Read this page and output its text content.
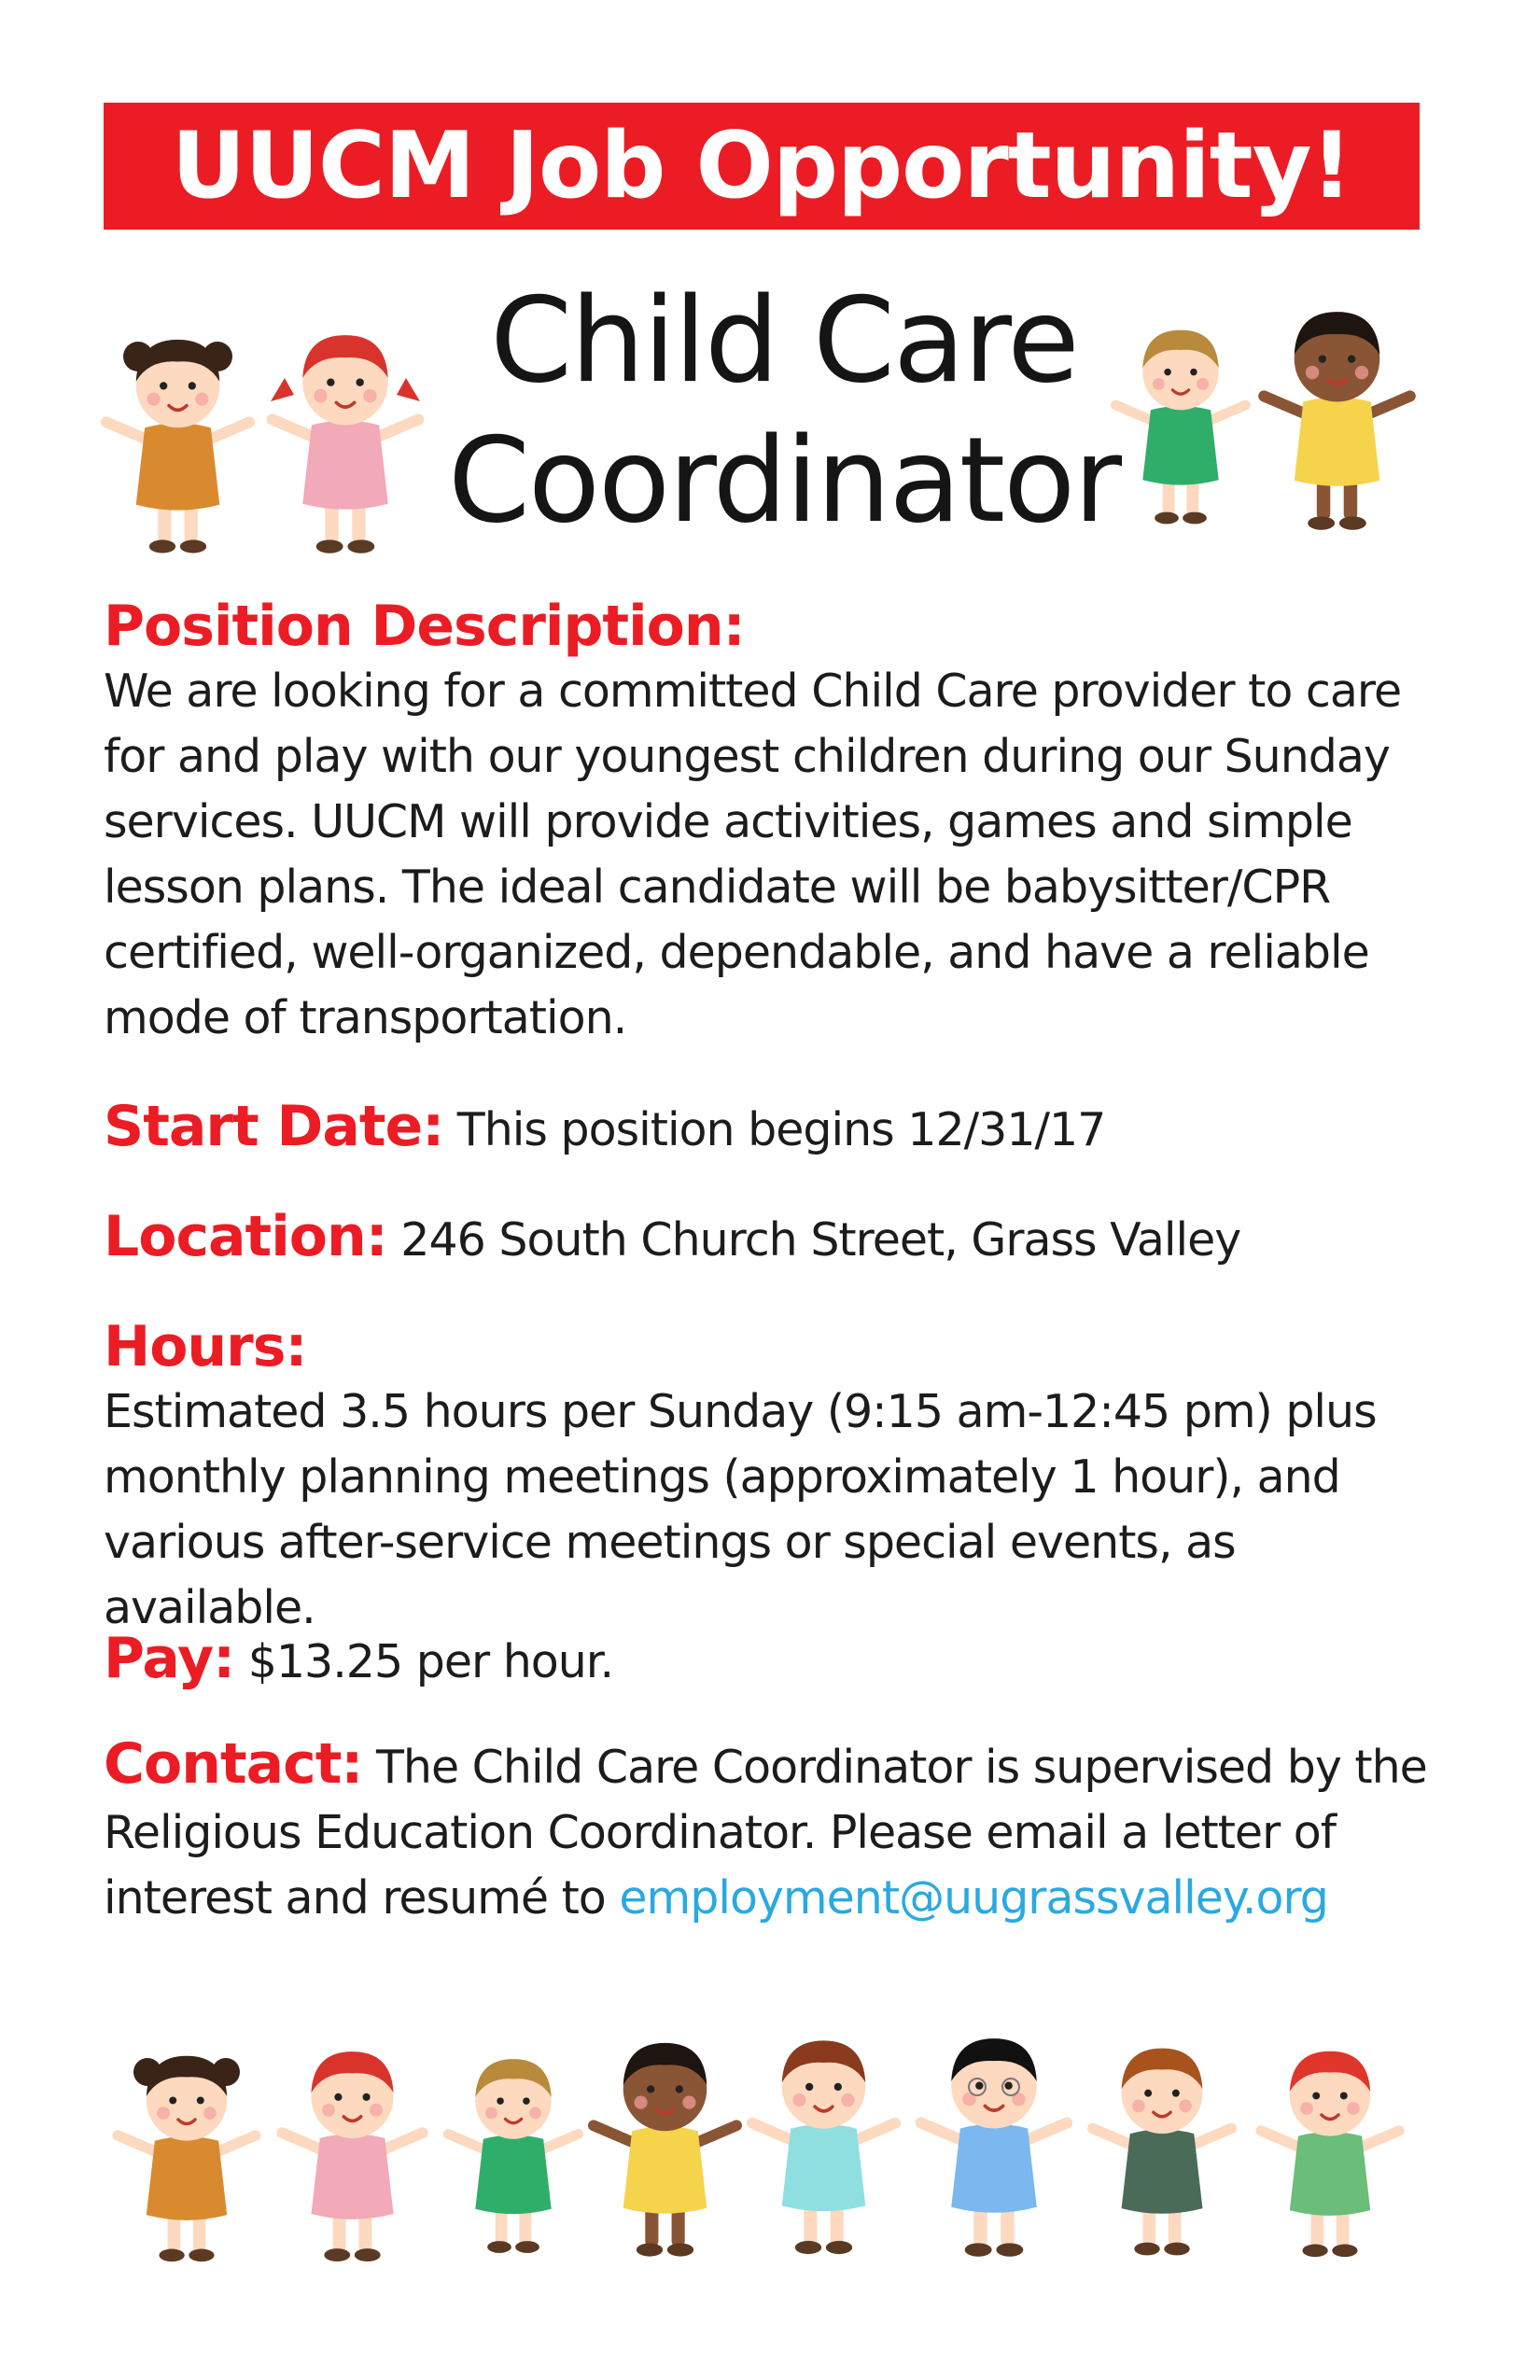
UUCM Job Opportunity!
Child Care
Coordinator
Position Description:
We are looking for a committed Child Care provider to care for and play with our youngest children during our Sunday services. UUCM will provide activities, games and simple lesson plans. The ideal candidate will be babysitter/CPR certified, well-organized, dependable, and have a reliable mode of transportation.
Start Date: This position begins 12/31/17
Location: 246 South Church Street, Grass Valley
Hours:
Estimated 3.5 hours per Sunday (9:15 am-12:45 pm) plus monthly planning meetings (approximately 1 hour), and various after-service meetings or special events, as available.
Pay: $13.25 per hour.
Contact: The Child Care Coordinator is supervised by the Religious Education Coordinator. Please email a letter of interest and resumé to employment@uugrassvalley.org
